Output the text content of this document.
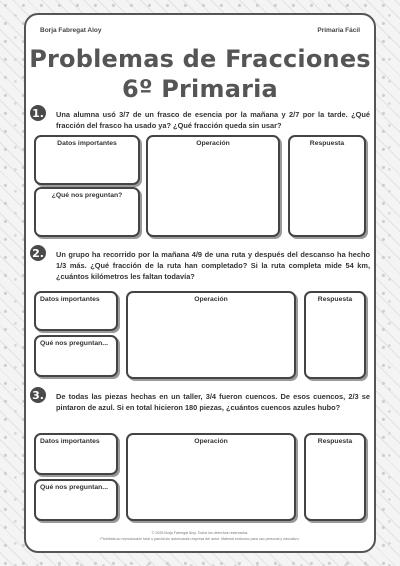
Borja Fabregat Aloy	Primaria Fácil
Problemas de Fracciones
6º Primaria
1. Una alumna usó 3/7 de un frasco de esencia por la mañana y 2/7 por la tarde. ¿Qué fracción del frasco ha usado ya? ¿Qué fracción queda sin usar?
Datos importantes
¿Qué nos preguntan?
Operación	Respuesta
2. Un grupo ha recorrido por la mañana 4/9 de una ruta y después del descanso ha hecho 1/3 más. ¿Qué fracción de la ruta han completado? Si la ruta completa mide 54 km, ¿cuántos kilómetros les faltan todavía?
Datos importantes
Qué nos preguntan...
Operación	Respuesta
3. De todas las piezas hechas en un taller, 3/4 fueron cuencos. De esos cuencos, 2/3 se pintaron de azul. Si en total hicieron 180 piezas, ¿cuántos cuencos azules hubo?
Datos importantes
Qué nos preguntan...
Operación	Respuesta
© 2026 Borja Fabregat Aloy. Todos los derechos reservados.
Prohibida su reproducción total o parcial sin autorización expresa del autor. Material exclusivo para uso personal y educativo.
